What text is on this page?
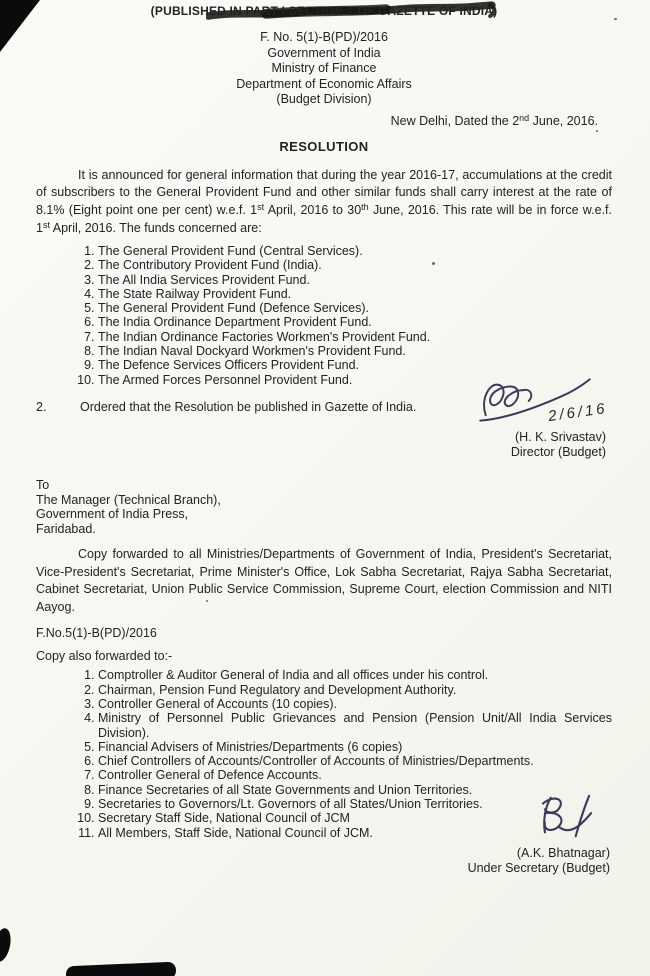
(PUBLISHED IN PART I SECTION 1 OF GAZETTE OF INDIA)
F. No. 5(1)-B(PD)/2016
Government of India
Ministry of Finance
Department of Economic Affairs
(Budget Division)
New Delhi, Dated the 2nd June, 2016.
RESOLUTION

It is announced for general information that during the year 2016-17, accumulations at the credit of subscribers to the General Provident Fund and other similar funds shall carry interest at the rate of 8.1% (Eight point one per cent) w.e.f. 1st April, 2016 to 30th June, 2016. This rate will be in force w.e.f. 1st April, 2016. The funds concerned are:

1. The General Provident Fund (Central Services).
2. The Contributory Provident Fund (India).
3. The All India Services Provident Fund.
4. The State Railway Provident Fund.
5. The General Provident Fund (Defence Services).
6. The India Ordinance Department Provident Fund.
7. The Indian Ordinance Factories Workmen's Provident Fund.
8. The Indian Naval Dockyard Workmen's Provident Fund.
9. The Defence Services Officers Provident Fund.
10. The Armed Forces Personnel Provident Fund.
2.	Ordered that the Resolution be published in Gazette of India.
To
The Manager (Technical Branch),
Government of India Press,
Faridabad.

Copy forwarded to all Ministries/Departments of Government of India, President's Secretariat, Vice-President's Secretariat, Prime Minister's Office, Lok Sabha Secretariat, Rajya Sabha Secretariat, Cabinet Secretariat, Union Public Service Commission, Supreme Court, election Commission and NITI Aayog.

F.No.5(1)-B(PD)/2016
Copy also forwarded to:-
1. Comptroller & Auditor General of India and all offices under his control.
2. Chairman, Pension Fund Regulatory and Development Authority.
3. Controller General of Accounts (10 copies).
4. Ministry of Personnel Public Grievances and Pension (Pension Unit/All India Services Division).
5. Financial Advisers of Ministries/Departments (6 copies)
6. Chief Controllers of Accounts/Controller of Accounts of Ministries/Departments.
7. Controller General of Defence Accounts.
8. Finance Secretaries of all State Governments and Union Territories.
9. Secretaries to Governors/Lt. Governors of all States/Union Territories.
10. Secretary Staff Side, National Council of JCM
11. All Members, Staff Side, National Council of JCM.
2/6/16
(H. K. Srivastav)
Director (Budget)
(A.K. Bhatnagar)
Under Secretary (Budget)
